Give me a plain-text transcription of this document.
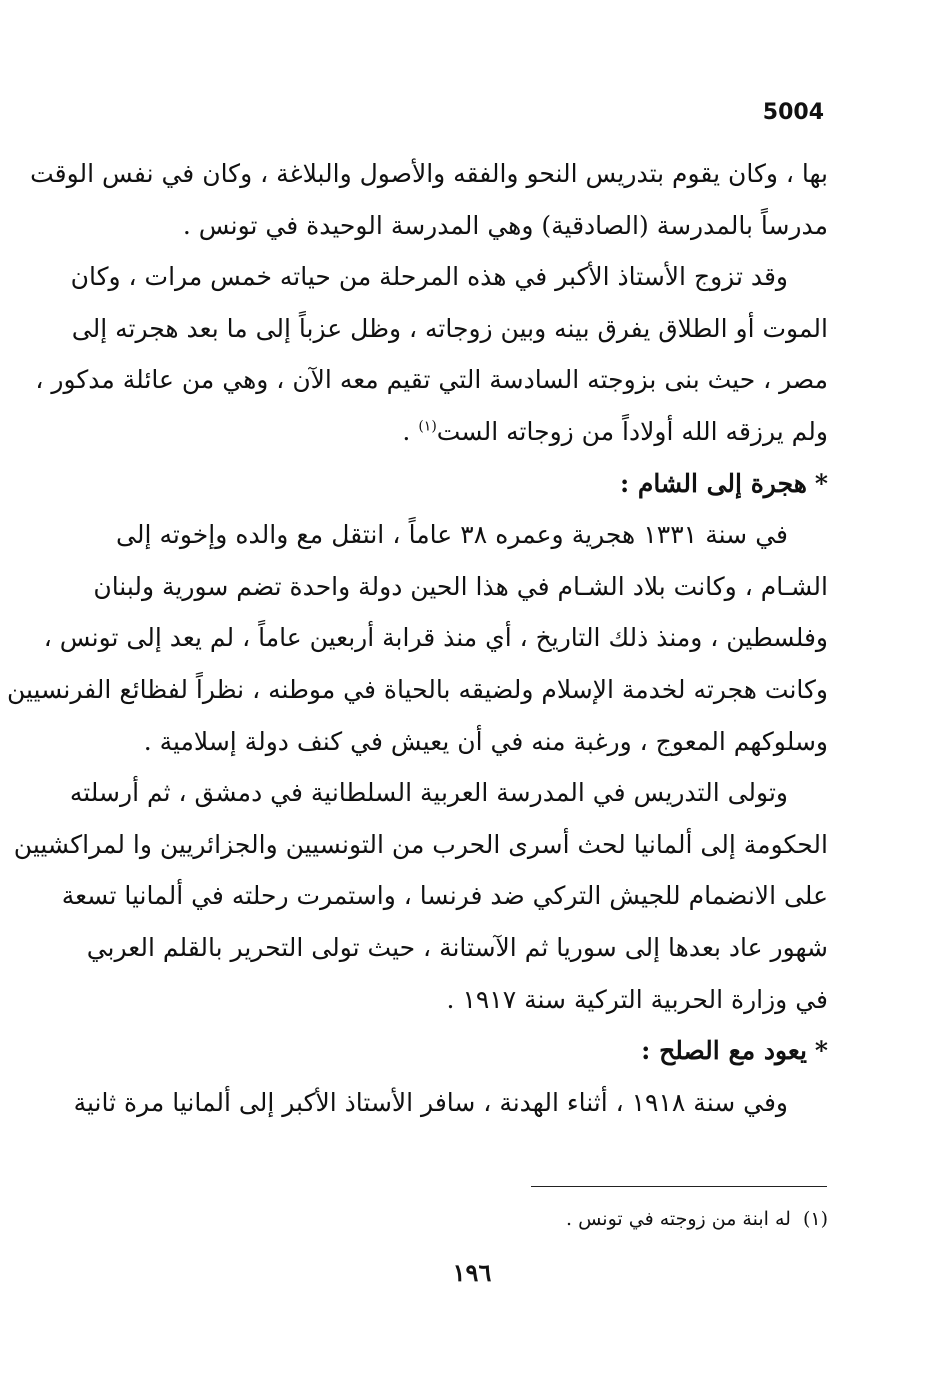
5004
بها ، وكان يقوم بتدريس النحو والفقه والأصول والبلاغة ، وكان في نفس الوقت
مدرساً بالمدرسة (الصادقية) وهي المدرسة الوحيدة في تونس .
وقد تزوج الأستاذ الأكبر في هذه المرحلة من حياته خمس مرات ، وكان
الموت أو الطلاق يفرق بينه وبين زوجاته ، وظل عزباً إلى ما بعد هجرته إلى
مصر ، حيث بنى بزوجته السادسة التي تقيم معه الآن ، وهي من عائلة مدكور ،
ولم يرزقه الله أولاداً من زوجاته الست$^{(١)}$ .
*هجرة إلى الشام :
في سنة ١٣٣١ هجرية وعمره ٣٨ عاماً ، انتقل مع والده وإخوته إلى
الشـام ، وكانت بلاد الشـام في هذا الحين دولة واحدة تضم سورية ولبنان
وفلسطين ، ومنذ ذلك التاريخ ، أي منذ قرابة أربعين عاماً ، لم يعد إلى تونس ،
وكانت هجرته لخدمة الإسلام ولضيقه بالحياة في موطنه ، نظراً لفظائع الفرنسيين
وسلوكهم المعوج ، ورغبة منه في أن يعيش في كنف دولة إسلامية .
وتولى التدريس في المدرسة العربية السلطانية في دمشق ، ثم أرسلته
الحكومة إلى ألمانيا لحث أسرى الحرب من التونسيين والجزائريين وا لمراكشيين
على الانضمام للجيش التركي ضد فرنسا ، واستمرت رحلته في ألمانيا تسعة
شهور عاد بعدها إلى سوريا ثم الآستانة ، حيث تولى التحرير بالقلم العربي
في وزارة الحربية التركية سنة ١٩١٧ .
*يعود مع الصلح :
وفي سنة ١٩١٨ ، أثناء الهدنة ، سافر الأستاذ الأكبر إلى ألمانيا مرة ثانية
(١)له ابنة من زوجته في تونس .
١٩٦
